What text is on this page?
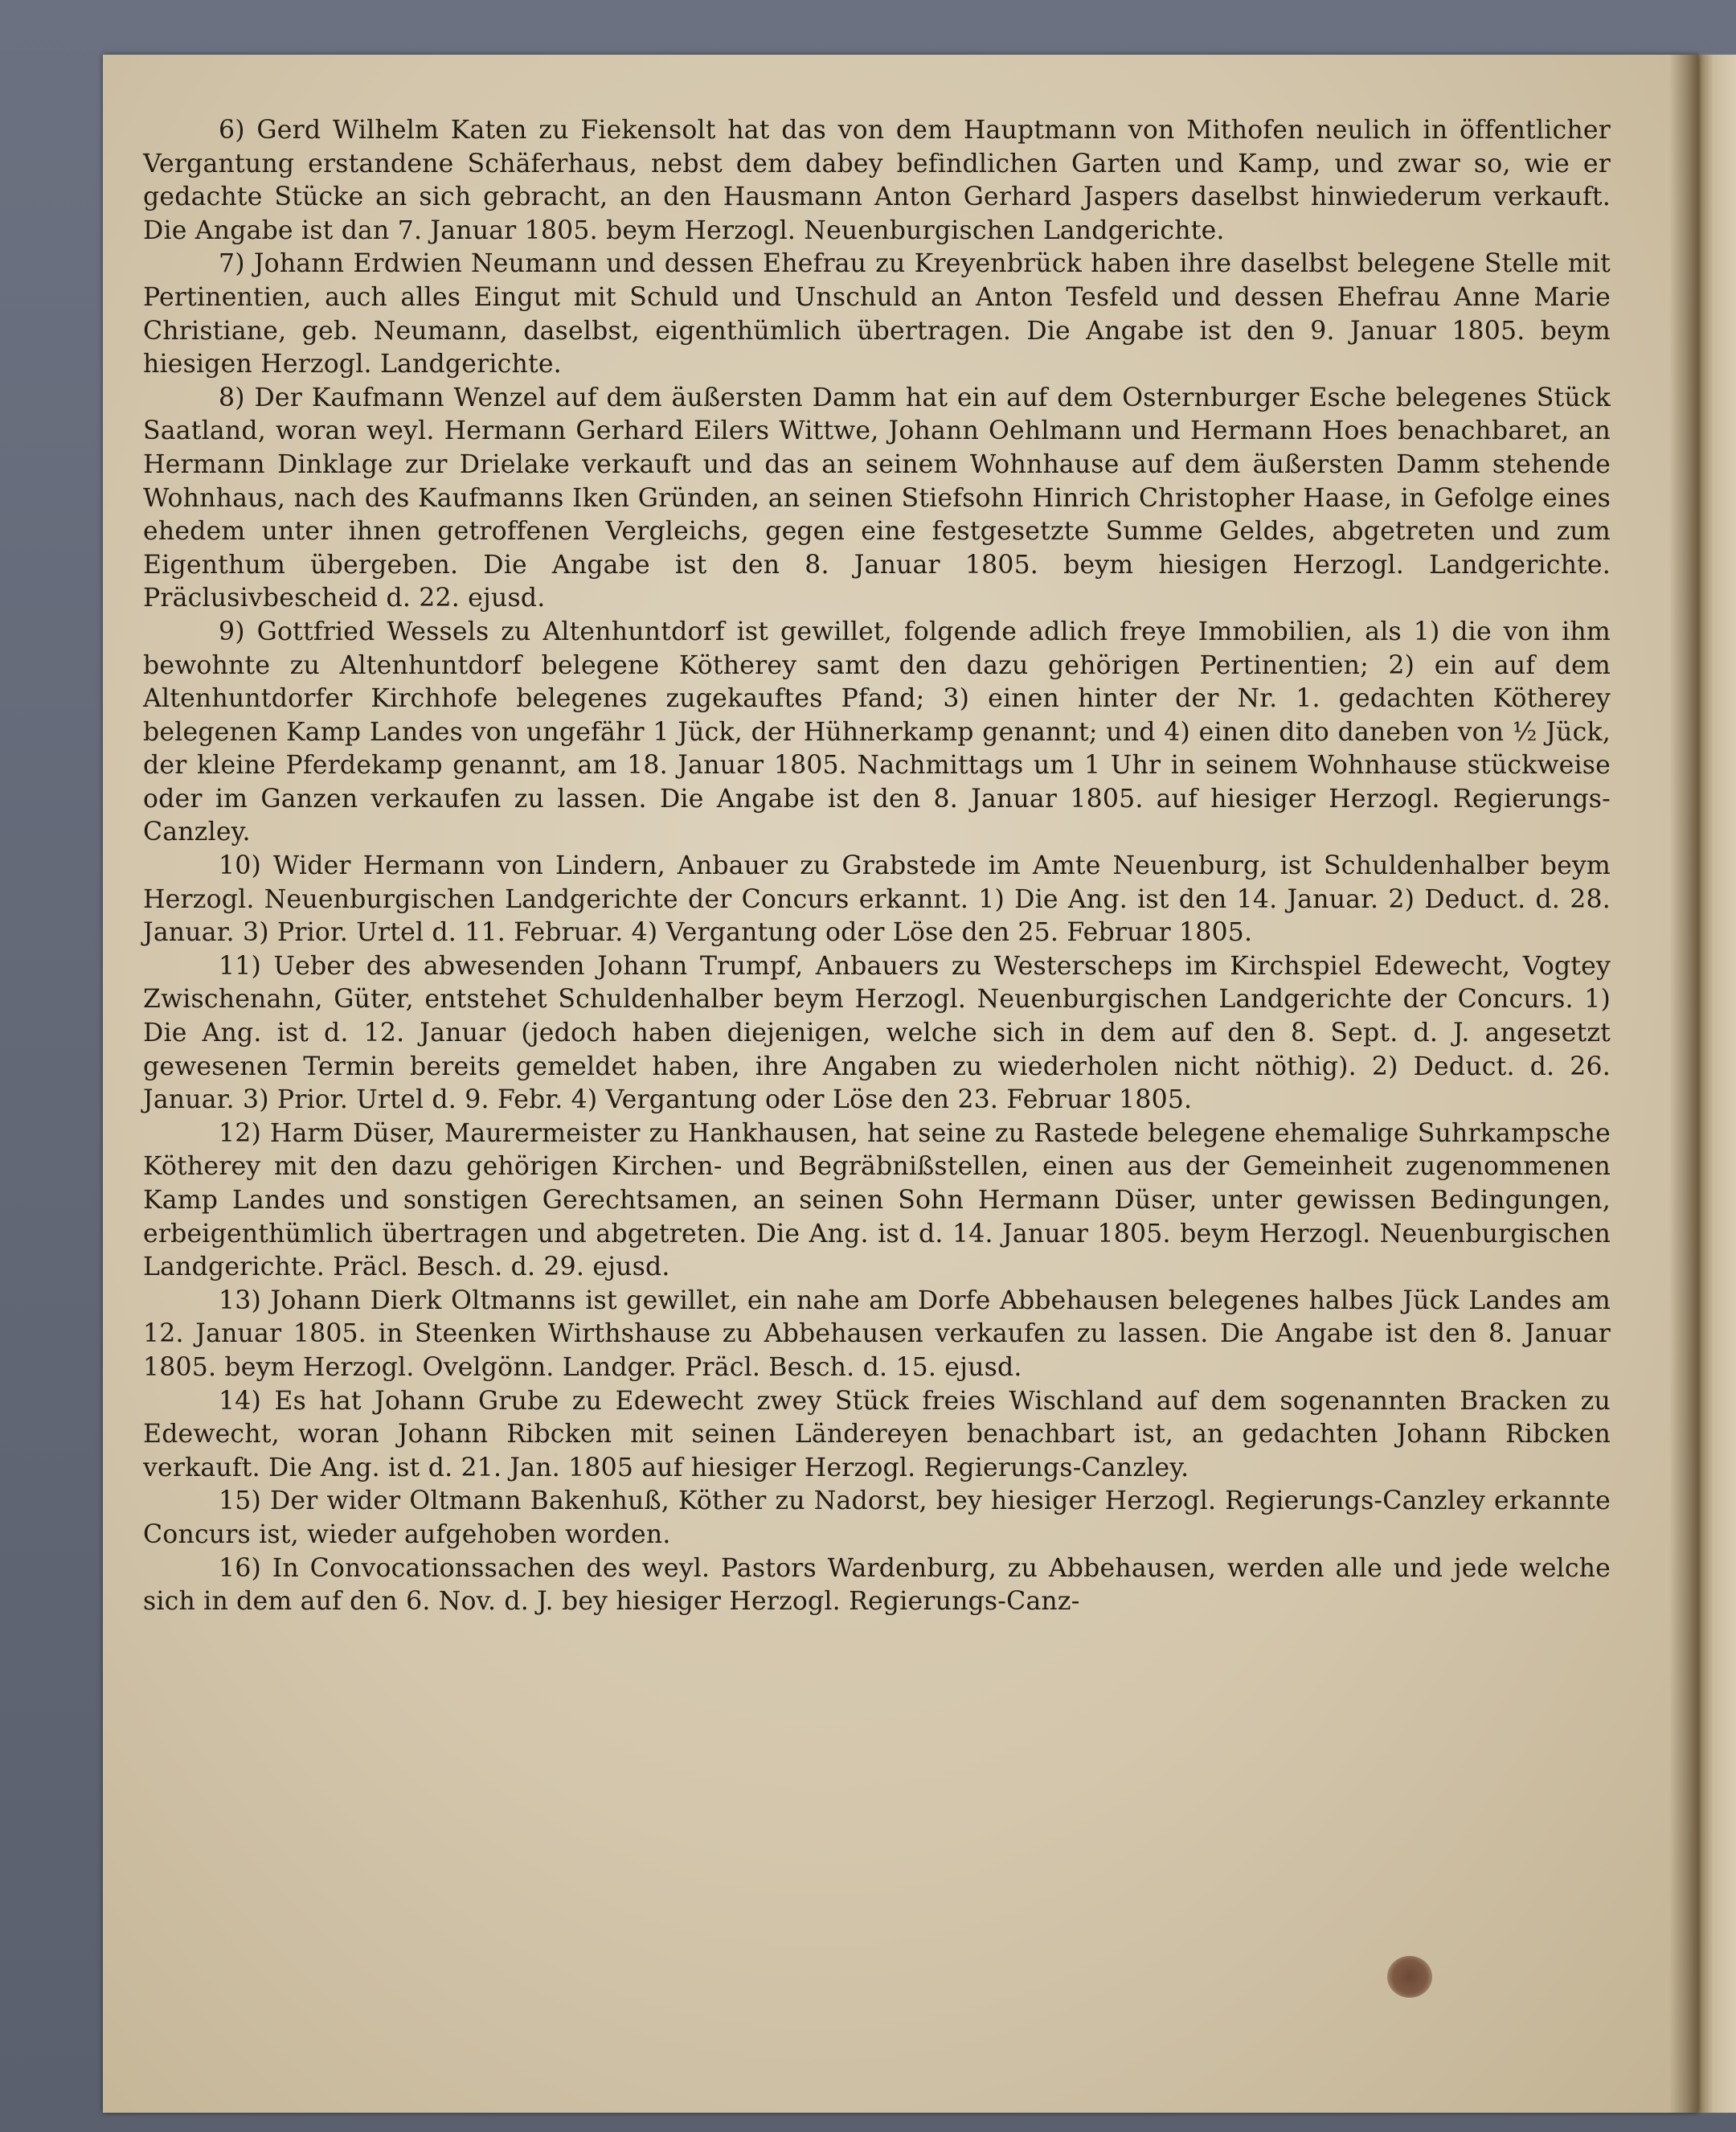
6) Gerd Wilhelm Katen zu Fiekensolt hat das von dem Hauptmann von Mithofen neulich in öffentlicher Vergantung erstandene Schäferhaus, nebst dem dabey befindlichen Garten und Kamp, und zwar so, wie er gedachte Stücke an sich gebracht, an den Hausmann Anton Gerhard Jaspers daselbst hinwiederum verkauft. Die Angabe ist dan 7. Januar 1805. beym Herzogl. Neuenburgischen Landgerichte.

7) Johann Erdwien Neumann und dessen Ehefrau zu Kreyenbrück haben ihre daselbst belegene Stelle mit Pertinentien, auch alles Eingut mit Schuld und Unschuld an Anton Tesfeld und dessen Ehefrau Anne Marie Christiane, geb. Neumann, daselbst, eigenthümlich übertragen. Die Angabe ist den 9. Januar 1805. beym hiesigen Herzogl. Landgerichte.

8) Der Kaufmann Wenzel auf dem äußersten Damm hat ein auf dem Osternburger Esche belegenes Stück Saatland, woran weyl. Hermann Gerhard Eilers Wittwe, Johann Oehlmann und Hermann Hoes benachbaret, an Hermann Dinklage zur Drielake verkauft und das an seinem Wohnhause auf dem äußersten Damm stehende Wohnhaus, nach des Kaufmanns Iken Gründen, an seinen Stiefsohn Hinrich Christopher Haase, in Gefolge eines ehedem unter ihnen getroffenen Vergleichs, gegen eine festgesetzte Summe Geldes, abgetreten und zum Eigenthum übergeben. Die Angabe ist den 8. Januar 1805. beym hiesigen Herzogl. Landgerichte. Präclusivbescheid d. 22. ejusd.

9) Gottfried Wessels zu Altenhuntdorf ist gewillet, folgende adlich freye Immobilien, als 1) die von ihm bewohnte zu Altenhuntdorf belegene Kötherey samt den dazu gehörigen Pertinentien; 2) ein auf dem Altenhuntdorfer Kirchhofe belegenes zugekauftes Pfand; 3) einen hinter der Nr. 1. gedachten Kötherey belegenen Kamp Landes von ungefähr 1 Jück, der Hühnerkamp genannt; und 4) einen dito daneben von ½ Jück, der kleine Pferdekamp genannt, am 18. Januar 1805. Nachmittags um 1 Uhr in seinem Wohnhause stückweise oder im Ganzen verkaufen zu lassen. Die Angabe ist den 8. Januar 1805. auf hiesiger Herzogl. Regierungs-Canzley.

10) Wider Hermann von Lindern, Anbauer zu Grabstede im Amte Neuenburg, ist Schuldenhalber beym Herzogl. Neuenburgischen Landgerichte der Concurs erkannt. 1) Die Ang. ist den 14. Januar. 2) Deduct. d. 28. Januar. 3) Prior. Urtel d. 11. Februar. 4) Vergantung oder Löse den 25. Februar 1805.

11) Ueber des abwesenden Johann Trumpf, Anbauers zu Westerscheps im Kirchspiel Edewecht, Vogtey Zwischenahn, Güter, entstehet Schuldenhalber beym Herzogl. Neuenburgischen Landgerichte der Concurs. 1) Die Ang. ist d. 12. Januar (jedoch haben diejenigen, welche sich in dem auf den 8. Sept. d. J. angesetzt gewesenen Termin bereits gemeldet haben, ihre Angaben zu wiederholen nicht nöthig). 2) Deduct. d. 26. Januar. 3) Prior. Urtel d. 9. Febr. 4) Vergantung oder Löse den 23. Februar 1805.

12) Harm Düser, Maurermeister zu Hankhausen, hat seine zu Rastede belegene ehemalige Suhrkampsche Kötherey mit den dazu gehörigen Kirchen- und Begräbnißstellen, einen aus der Gemeinheit zugenommenen Kamp Landes und sonstigen Gerechtsamen, an seinen Sohn Hermann Düser, unter gewissen Bedingungen, erbeigenthümlich übertragen und abgetreten. Die Ang. ist d. 14. Januar 1805. beym Herzogl. Neuenburgischen Landgerichte. Präcl. Besch. d. 29. ejusd.

13) Johann Dierk Oltmanns ist gewillet, ein nahe am Dorfe Abbehausen belegenes halbes Jück Landes am 12. Januar 1805. in Steenken Wirthshause zu Abbehausen verkaufen zu lassen. Die Angabe ist den 8. Januar 1805. beym Herzogl. Ovelgönn. Landger. Präcl. Besch. d. 15. ejusd.

14) Es hat Johann Grube zu Edewecht zwey Stück freies Wischland auf dem sogenannten Bracken zu Edewecht, woran Johann Ribcken mit seinen Ländereyen benachbart ist, an gedachten Johann Ribcken verkauft. Die Ang. ist d. 21. Jan. 1805 auf hiesiger Herzogl. Regierungs-Canzley.

15) Der wider Oltmann Bakenhuß, Köther zu Nadorst, bey hiesiger Herzogl. Regierungs-Canzley erkannte Concurs ist, wieder aufgehoben worden.

16) In Convocationssachen des weyl. Pastors Wardenburg, zu Abbehausen, werden alle und jede welche sich in dem auf den 6. Nov. d. J. bey hiesiger Herzogl. Regierungs-Canz-
